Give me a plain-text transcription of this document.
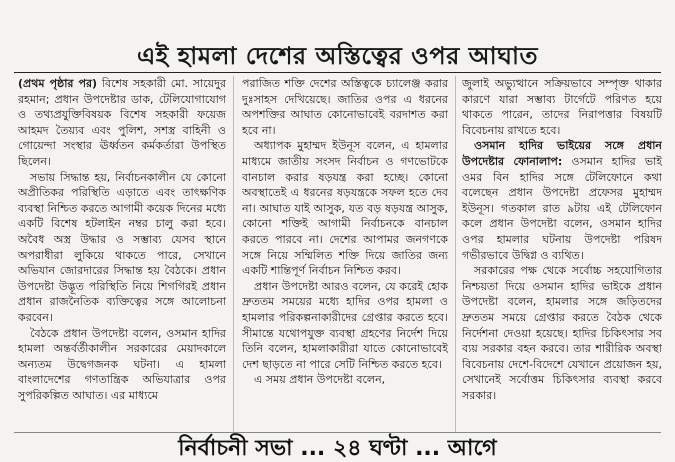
এই হামলা দেশের অস্তিত্বের ওপর আঘাত

(প্রথম পৃষ্ঠার পর) বিশেষ সহকারী মো. সায়েদুর রহমান; প্রধান উপদেষ্টার ডাক, টেলিযোগাযোগ ও তথ্যপ্রযুক্তিবিষয়ক বিশেষ সহকারী ফয়েজ আহমদ তৈয়্যব এবং পুলিশ, সশস্ত্র বাহিনী ও গোয়েন্দা সংস্থার ঊর্ধ্বতন কর্মকর্তারা উপস্থিত ছিলেন।

সভায় সিদ্ধান্ত হয়, নির্বাচনকালীন যে কোনো অপ্রীতিকর পরিস্থিতি এড়াতে এবং তাৎক্ষণিক ব্যবস্থা নিশ্চিত করতে আগামী কয়েক দিনের মধ্যে একটি বিশেষ হটলাইন নম্বর চালু করা হবে। অবৈধ অস্ত্র উদ্ধার ও সম্ভাব্য যেসব স্থানে অপরাধীরা লুকিয়ে থাকতে পারে, সেখানে অভিযান জোরদারের সিদ্ধান্ত হয় বৈঠকে। প্রধান উপদেষ্টা উদ্ভূত পরিস্থিতি নিয়ে শিগগিরই প্রধান প্রধান রাজনৈতিক ব্যক্তিত্বের সঙ্গে আলোচনা করবেন।

বৈঠকে প্রধান উপদেষ্টা বলেন, ওসমান হাদির হামলা অন্তর্বর্তীকালীন সরকারের মেয়াদকালে অন্যতম উদ্বেগজনক ঘটনা। এ হামলা বাংলাদেশের গণতান্ত্রিক অভিযাত্রার ওপর সুপরিকল্পিত আঘাত। এর মাধ্যমে

পরাজিত শক্তি দেশের অস্তিত্বকে চ্যালেঞ্জ করার দুঃসাহস দেখিয়েছে। জাতির ওপর এ ধরনের অপশক্তির আঘাত কোনোভাবেই বরদাশত করা হবে না।

অধ্যাপক মুহাম্মদ ইউনূস বলেন, এ হামলার মাধ্যমে জাতীয় সংসদ নির্বাচন ও গণভোটকে বানচাল করার ষড়যন্ত্র করা হচ্ছে। কোনো অবস্থাতেই এ ধরনের ষড়যন্ত্রকে সফল হতে দেব না। আঘাত যাই আসুক, যত বড় ষড়যন্ত্র আসুক, কোনো শক্তিই আগামী নির্বাচনকে বানচাল করতে পারবে না। দেশের আপামর জনগণকে সঙ্গে নিয়ে সম্মিলিত শক্তি দিয়ে জাতির জন্য একটি শান্তিপূর্ণ নির্বাচন নিশ্চিত করব।

প্রধান উপদেষ্টা আরও বলেন, যে করেই হোক দ্রুততম সময়ের মধ্যে হাদির ওপর হামলা ও হামলার পরিকল্পনাকারীদের গ্রেপ্তার করতে হবে। সীমান্তে যথোপযুক্ত ব্যবস্থা গ্রহণের নির্দেশ দিয়ে তিনি বলেন, হামলাকারীরা যাতে কোনোভাবেই দেশ ছাড়তে না পারে সেটি নিশ্চিত করতে হবে।

এ সময় প্রধান উপদেষ্টা বলেন,

জুলাই অভ্যুত্থানে সক্রিয়ভাবে সম্পৃক্ত থাকার কারণে যারা সম্ভাব্য টার্গেটে পরিণত হয়ে থাকতে পারেন, তাদের নিরাপত্তার বিষয়টি বিবেচনায় রাখতে হবে।

ওসমান হাদির ভাইয়ের সঙ্গে প্রধান উপদেষ্টার ফোনালাপ: ওসমান হাদির ভাই ওমর বিন হাদির সঙ্গে টেলিফোনে কথা বলেছেন প্রধান উপদেষ্টা প্রফেসর মুহাম্মদ ইউনূস। গতকাল রাত ৯টায় এই টেলিফোন কলে প্রধান উপদেষ্টা বলেন, ওসমান হাদির ওপর হামলার ঘটনায় উপদেষ্টা পরিষদ গভীরভাবে উদ্বিগ্ন ও ব্যথিত।

সরকারের পক্ষ থেকে সর্বোচ্চ সহযোগিতার নিশ্চয়তা দিয়ে ওসমান হাদির ভাইকে প্রধান উপদেষ্টা বলেন, হামলার সঙ্গে জড়িতদের দ্রুততম সময়ে গ্রেপ্তার করতে বৈঠক থেকে নির্দেশনা দেওয়া হয়েছে। হাদির চিকিৎসার সব ব্যয় সরকার বহন করবে। তার শারীরিক অবস্থা বিবেচনায় দেশে-বিদেশে যেখানে প্রয়োজন হয়, সেখানেই সর্বোত্তম চিকিৎসার ব্যবস্থা করবে সরকার।

নির্বাচনী সভা ... ২৪ ঘণ্টা ... আগে
